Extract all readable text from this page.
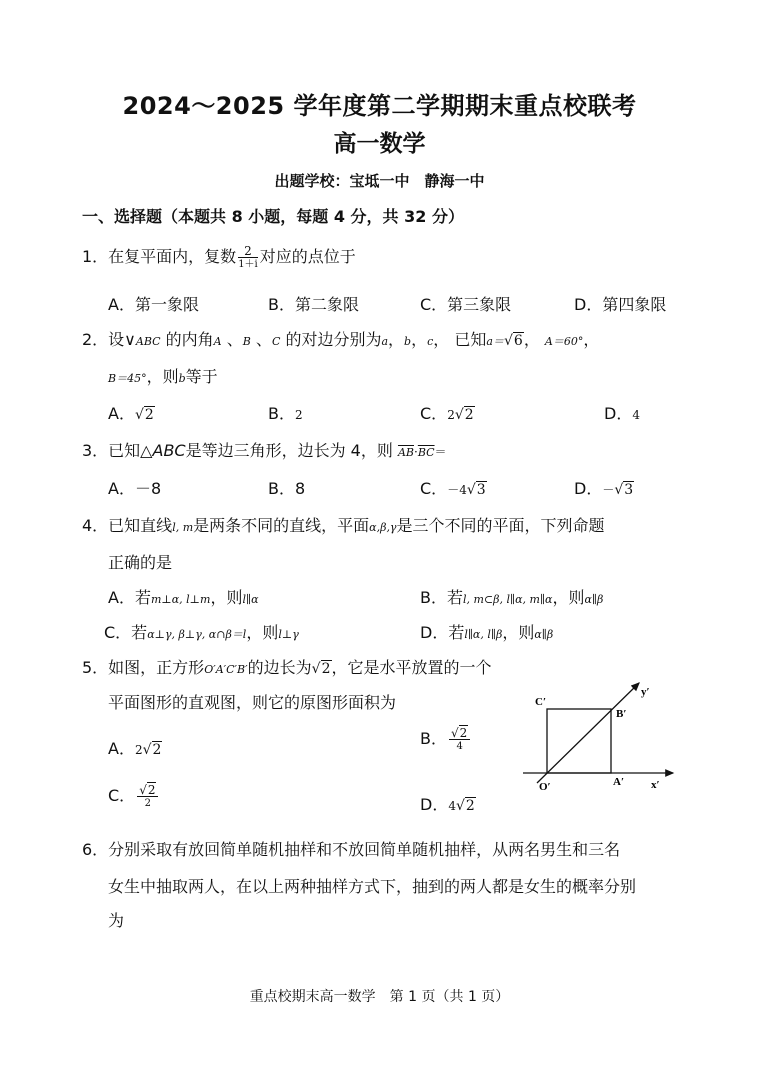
2024～2025 学年度第二学期期末重点校联考
高一数学
出题学校：宝坻一中　静海一中
一、选择题（本题共 8 小题，每题 4 分，共 32 分）
1．在复平面内，复数 $\frac{2}{1+i}$ 对应的点位于
A．第一象限	B．第二象限	C．第三象限	D．第四象限
2．设∨ABC 的内角A 、B 、C 的对边分别为a，b，c， 已知a＝√6， A＝60°，
B＝45°，则b等于
A．√2	B．2	C．2√2	D．4
3．已知△ABC是等边三角形，边长为 4，则 $\overline{AB}\cdot\overline{BC}=$
A．－8	B．8	C．－4√3	D．－√3
4．已知直线l, m是两条不同的直线，平面α,β,γ是三个不同的平面，下列命题
正确的是
A．若m⊥α, l⊥m，则l∥α	B．若l, m⊂β, l∥α, m∥α，则α∥β
C．若α⊥γ, β⊥γ, α∩β＝l，则l⊥γ	D．若l∥α, l∥β，则α∥β
5．如图，正方形O′A′C′B′的边长为√2，它是水平放置的一个
平面图形的直观图，则它的原图形面积为
A．2√2
B． $\frac{√2}{4}$
C． $\frac{√2}{2}$	D．4√2
C′
B′
A′
O′	x′
y′
6．分别采取有放回简单随机抽样和不放回简单随机抽样，从两名男生和三名
女生中抽取两人，在以上两种抽样方式下，抽到的两人都是女生的概率分别
为
重点校期末高一数学　第 1 页（共 1 页）
